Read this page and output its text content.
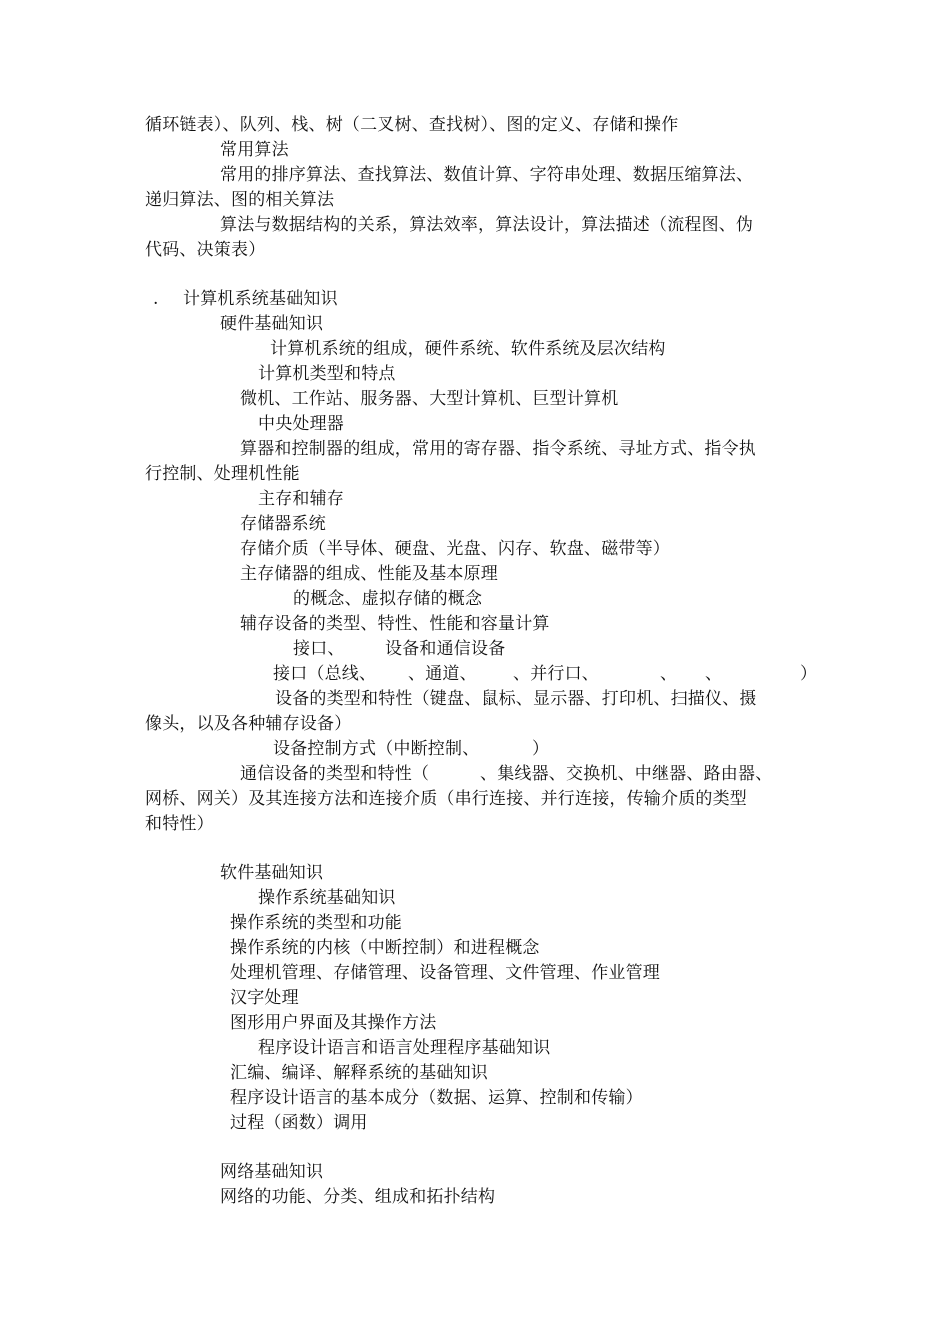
循环链表）、队列、栈、树（二叉树、查找树）、图的定义、存储和操作
常用算法
常用的排序算法、查找算法、数值计算、字符串处理、数据压缩算法、
递归算法、图的相关算法
算法与数据结构的关系，算法效率，算法设计，算法描述（流程图、伪
代码、决策表）
. 计算机系统基础知识
硬件基础知识
计算机系统的组成，硬件系统、软件系统及层次结构
计算机类型和特点
微机、工作站、服务器、大型计算机、巨型计算机
中央处理器
算器和控制器的组成，常用的寄存器、指令系统、寻址方式、指令执
行控制、处理机性能
主存和辅存
存储器系统
存储介质（半导体、硬盘、光盘、闪存、软盘、磁带等）
主存储器的组成、性能及基本原理
的概念、虚拟存储的概念
辅存设备的类型、特性、性能和容量计算
接口、 设备和通信设备
接口（总线、 、通道、 、并行口、	、 、	）
设备的类型和特性（键盘、鼠标、显示器、打印机、扫描仪、摄
像头，以及各种辅存设备）
设备控制方式（中断控制、	）
通信设备的类型和特性（	、集线器、交换机、中继器、路由器、
网桥、网关）及其连接方法和连接介质（串行连接、并行连接，传输介质的类型
和特性）
软件基础知识
操作系统基础知识
操作系统的类型和功能
操作系统的内核（中断控制）和进程概念
处理机管理、存储管理、设备管理、文件管理、作业管理
汉字处理
图形用户界面及其操作方法
程序设计语言和语言处理程序基础知识
汇编、编译、解释系统的基础知识
程序设计语言的基本成分（数据、运算、控制和传输）
过程（函数）调用
网络基础知识
网络的功能、分类、组成和拓扑结构
